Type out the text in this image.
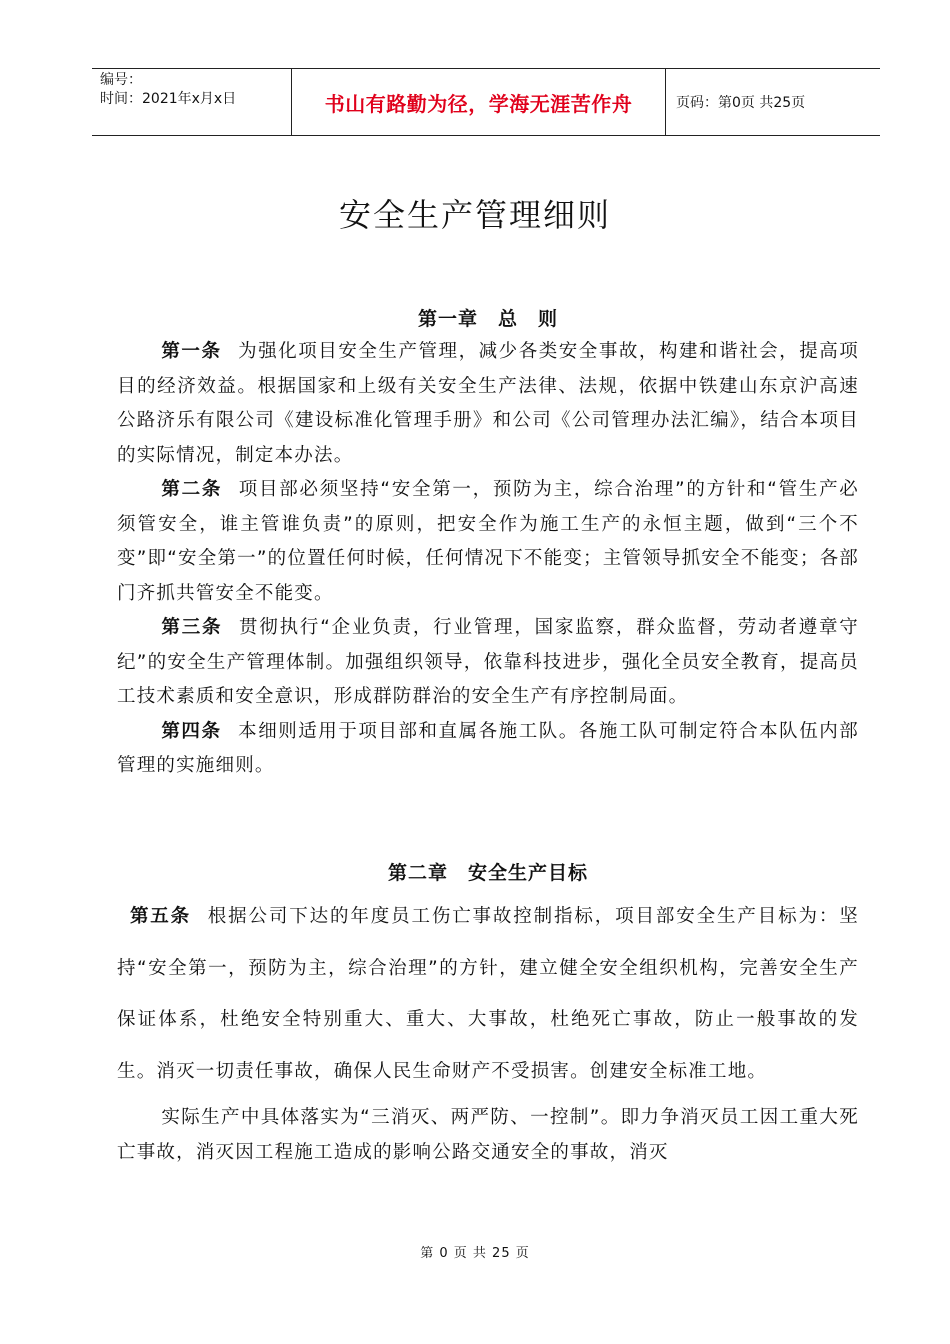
编号：
时间：2021年x月x日	书山有路勤为径，学海无涯苦作舟	页码：第0页 共25页
安全生产管理细则
第一章　总　则

第一条 为强化项目安全生产管理，减少各类安全事故，构建和谐社会，提高项目的经济效益。根据国家和上级有关安全生产法律、法规，依据中铁建山东京沪高速公路济乐有限公司《建设标准化管理手册》和公司《公司管理办法汇编》，结合本项目的实际情况，制定本办法。

第二条 项目部必须坚持“安全第一，预防为主，综合治理”的方针和“管生产必须管安全，谁主管谁负责”的原则，把安全作为施工生产的永恒主题，做到“三个不变”即“安全第一”的位置任何时候，任何情况下不能变；主管领导抓安全不能变；各部门齐抓共管安全不能变。

第三条 贯彻执行“企业负责，行业管理，国家监察，群众监督，劳动者遵章守纪”的安全生产管理体制。加强组织领导，依靠科技进步，强化全员安全教育，提高员工技术素质和安全意识，形成群防群治的安全生产有序控制局面。

第四条 本细则适用于项目部和直属各施工队。各施工队可制定符合本队伍内部管理的实施细则。

第二章　安全生产目标

第五条 根据公司下达的年度员工伤亡事故控制指标，项目部安全生产目标为：坚持“安全第一，预防为主，综合治理”的方针，建立健全安全组织机构，完善安全生产保证体系，杜绝安全特别重大、重大、大事故，杜绝死亡事故，防止一般事故的发生。消灭一切责任事故，确保人民生命财产不受损害。创建安全标准工地。

实际生产中具体落实为“三消灭、两严防、一控制”。即力争消灭员工因工重大死亡事故，消灭因工程施工造成的影响公路交通安全的事故，消灭

第 0 页 共 25 页
